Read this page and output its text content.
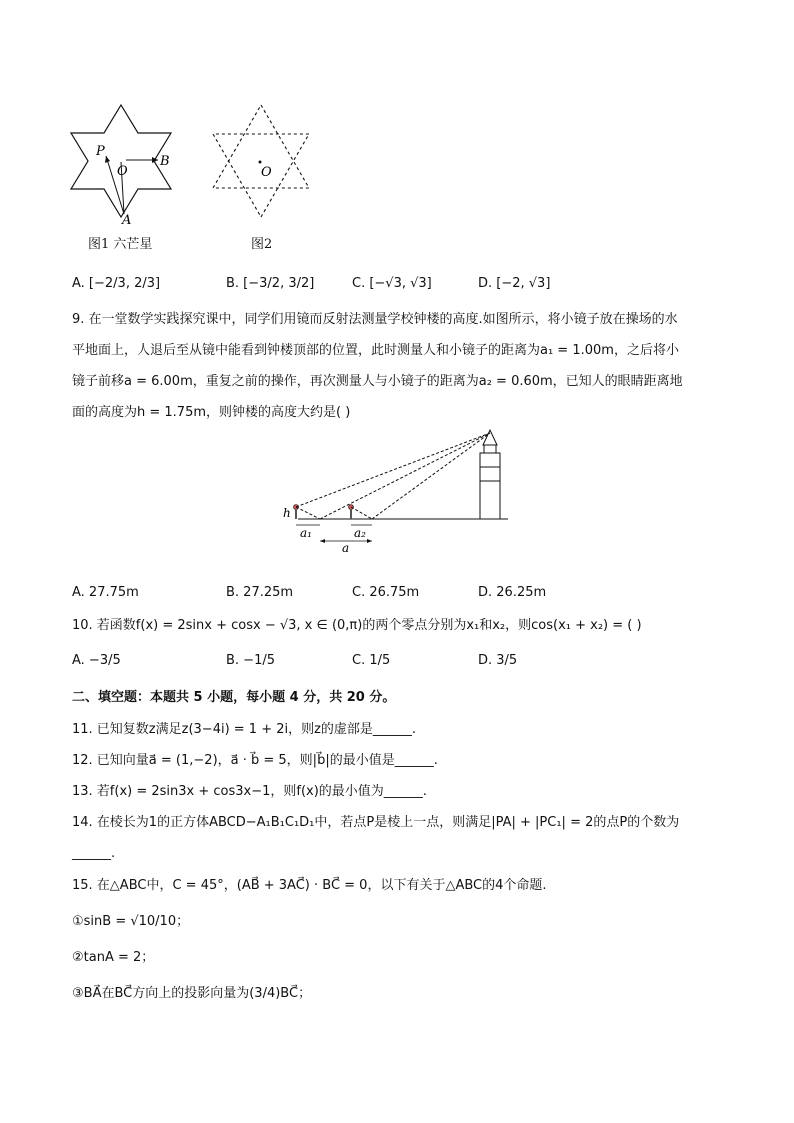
P
O
B
A
O
图1 六芒星	图2
A. [−2/3, 2/3]	B. [−3/2, 3/2]	C. [−√3, √3]	D. [−2, √3]
9. 在一堂数学实践探究课中，同学们用镜而反射法测量学校钟楼的高度.如图所示，将小镜子放在操场的水
平地面上，人退后至从镜中能看到钟楼顶部的位置，此时测量人和小镜子的距离为a₁ = 1.00m，之后将小
镜子前移a = 6.00m，重复之前的操作，再次测量人与小镜子的距离为a₂ = 0.60m，已知人的眼睛距离地
面的高度为h = 1.75m，则钟楼的高度大约是( )
h
a₁	a₂
a
A. 27.75m	B. 27.25m	C. 26.75m	D. 26.25m
10. 若函数f(x) = 2sinx + cosx − √3, x ∈ (0,π)的两个零点分别为x₁和x₂，则cos(x₁ + x₂) = ( )
A. −3/5	B. −1/5	C. 1/5	D. 3/5
二、填空题：本题共 5 小题，每小题 4 分，共 20 分。
11. 已知复数z满足z(3−4i) = 1 + 2i，则z的虚部是______.
12. 已知向量a⃗ = (1,−2)，a⃗ · b⃗ = 5，则|b⃗|的最小值是______.
13. 若f(x) = 2sin3x + cos3x−1，则f(x)的最小值为______.
14. 在棱长为1的正方体ABCD−A₁B₁C₁D₁中，若点P是棱上一点，则满足|PA| + |PC₁| = 2的点P的个数为
______.
15. 在△ABC中，C = 45°，(AB⃗ + 3AC⃗) · BC⃗ = 0，以下有关于△ABC的4个命题.
①sinB = √10/10；
②tanA = 2；
③BA⃗在BC⃗方向上的投影向量为(3/4)BC⃗；
